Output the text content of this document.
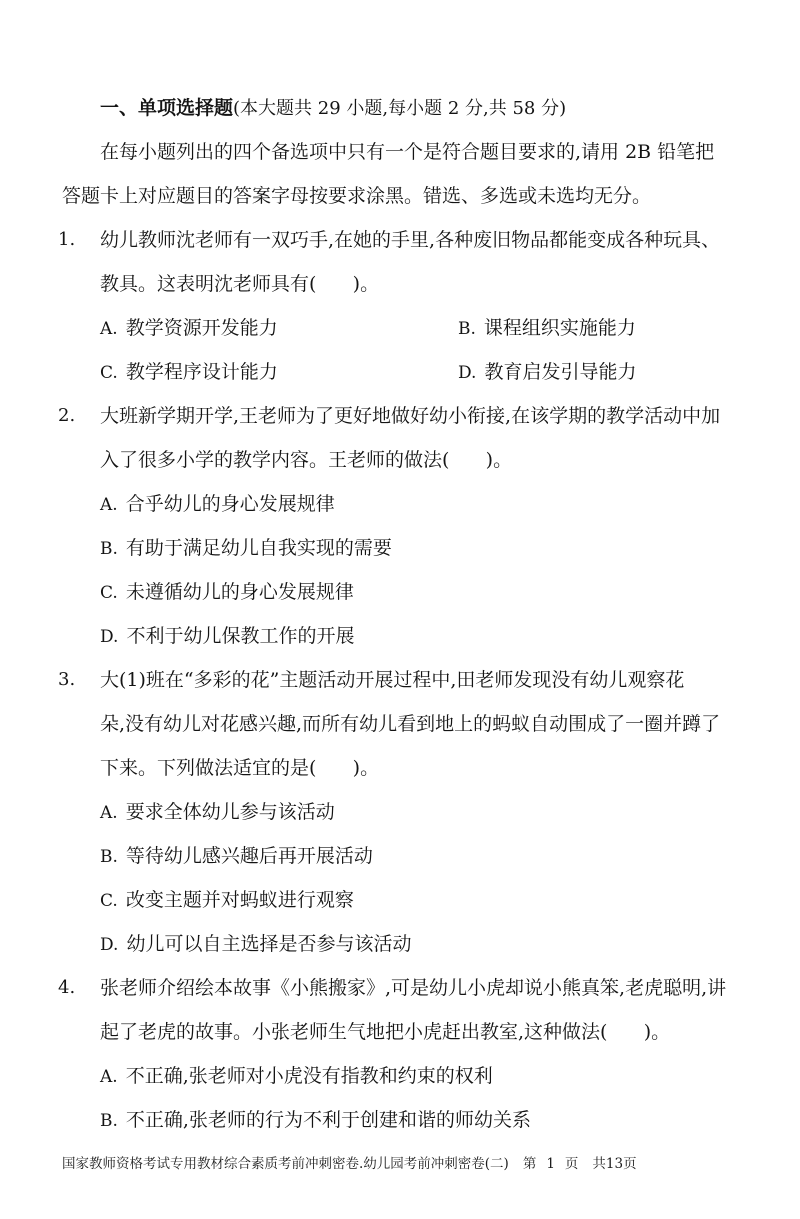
一、单项选择题(本大题共 29 小题,每小题 2 分,共 58 分)
在每小题列出的四个备选项中只有一个是符合题目要求的,请用 2B 铅笔把
答题卡上对应题目的答案字母按要求涂黑。错选、多选或未选均无分。
1. 幼儿教师沈老师有一双巧手,在她的手里,各种废旧物品都能变成各种玩具、
教具。这表明沈老师具有(      )。
A. 教学资源开发能力	B. 课程组织实施能力
C. 教学程序设计能力	D. 教育启发引导能力
2. 大班新学期开学,王老师为了更好地做好幼小衔接,在该学期的教学活动中加
入了很多小学的教学内容。王老师的做法(      )。
A. 合乎幼儿的身心发展规律
B. 有助于满足幼儿自我实现的需要
C. 未遵循幼儿的身心发展规律
D. 不利于幼儿保教工作的开展
3. 大(1)班在“多彩的花”主题活动开展过程中,田老师发现没有幼儿观察花
朵,没有幼儿对花感兴趣,而所有幼儿看到地上的蚂蚁自动围成了一圈并蹲了
下来。下列做法适宜的是(      )。
A. 要求全体幼儿参与该活动
B. 等待幼儿感兴趣后再开展活动
C. 改变主题并对蚂蚁进行观察
D. 幼儿可以自主选择是否参与该活动
4. 张老师介绍绘本故事《小熊搬家》,可是幼儿小虎却说小熊真笨,老虎聪明,讲
起了老虎的故事。小张老师生气地把小虎赶出教室,这种做法(      )。
A. 不正确,张老师对小虎没有指教和约束的权利
B. 不正确,张老师的行为不利于创建和谐的师幼关系
国家教师资格考试专用教材综合素质考前冲刺密卷.幼儿园考前冲刺密卷(二) 第 1 页 共13页
